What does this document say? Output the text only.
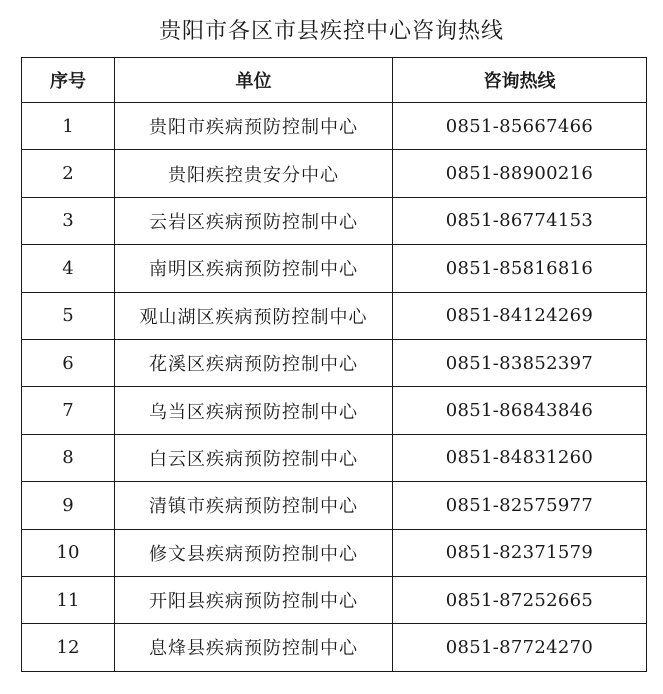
贵阳市各区市县疾控中心咨询热线
序号	单位	咨询热线
1	贵阳市疾病预防控制中心	0851-85667466
2	贵阳疾控贵安分中心	0851-88900216
3	云岩区疾病预防控制中心	0851-86774153
4	南明区疾病预防控制中心	0851-85816816
5	观山湖区疾病预防控制中心	0851-84124269
6	花溪区疾病预防控制中心	0851-83852397
7	乌当区疾病预防控制中心	0851-86843846
8	白云区疾病预防控制中心	0851-84831260
9	清镇市疾病预防控制中心	0851-82575977
10	修文县疾病预防控制中心	0851-82371579
11	开阳县疾病预防控制中心	0851-87252665
12	息烽县疾病预防控制中心	0851-87724270
